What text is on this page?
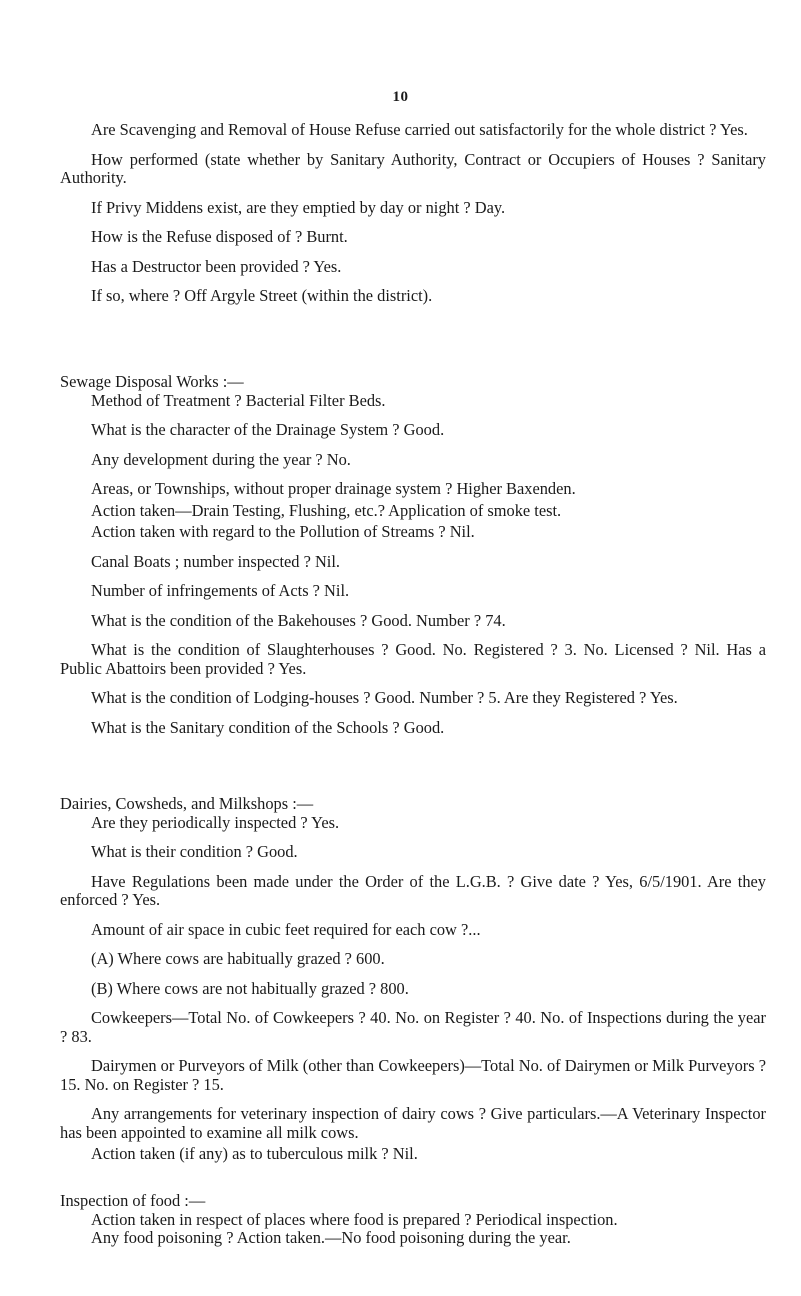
10
Are Scavenging and Removal of House Refuse carried out satisfactorily for the whole district ? Yes.
How performed (state whether by Sanitary Authority, Contract or Occupiers of Houses ? Sanitary Authority.
If Privy Middens exist, are they emptied by day or night ? Day.
How is the Refuse disposed of ? Burnt.
Has a Destructor been provided ? Yes.
If so, where ? Off Argyle Street (within the district).
Sewage Disposal Works :—
Method of Treatment ? Bacterial Filter Beds.
What is the character of the Drainage System ? Good.
Any development during the year ? No.
Areas, or Townships, without proper drainage system ? Higher Baxenden.
Action taken—Drain Testing, Flushing, etc.? Application of smoke test.
Action taken with regard to the Pollution of Streams ? Nil.
Canal Boats ; number inspected ? Nil.
Number of infringements of Acts ? Nil.
What is the condition of the Bakehouses ? Good. Number ? 74.
What is the condition of Slaughterhouses ? Good. No. Registered ? 3. No. Licensed ? Nil. Has a Public Abattoirs been provided ? Yes.
What is the condition of Lodging-houses ? Good. Number ? 5. Are they Registered ? Yes.
What is the Sanitary condition of the Schools ? Good.
Dairies, Cowsheds, and Milkshops :—
Are they periodically inspected ? Yes.
What is their condition ? Good.
Have Regulations been made under the Order of the L.G.B. ? Give date ? Yes, 6/5/1901. Are they enforced ? Yes.
Amount of air space in cubic feet required for each cow ?...
(A) Where cows are habitually grazed ? 600.
(B) Where cows are not habitually grazed ? 800.
Cowkeepers—Total No. of Cowkeepers ? 40. No. on Register ? 40. No. of Inspections during the year ? 83.
Dairymen or Purveyors of Milk (other than Cowkeepers)—Total No. of Dairymen or Milk Purveyors ? 15. No. on Register ? 15.
Any arrangements for veterinary inspection of dairy cows ? Give particulars.—A Veterinary Inspector has been appointed to examine all milk cows.
Action taken (if any) as to tuberculous milk ? Nil.
Inspection of food :—
Action taken in respect of places where food is prepared ? Periodical inspection.
Any food poisoning ? Action taken.—No food poisoning during the year.
